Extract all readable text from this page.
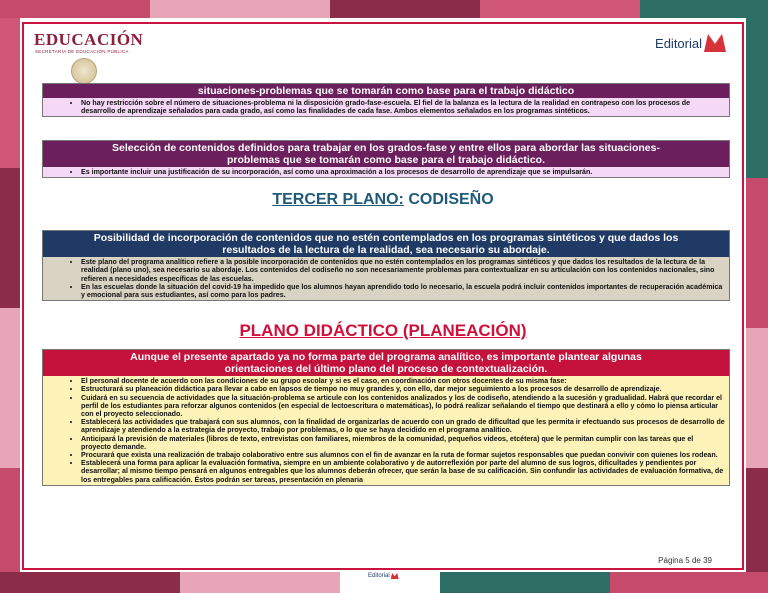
EDUCACIÓN
SECRETARÍA DE EDUCACIÓN PÚBLICA
Editorial
situaciones-problemas que se tomarán como base para el trabajo didáctico
• No hay restricción sobre el número de situaciones-problema ni la disposición grado-fase-escuela. El fiel de la balanza es la lectura de la realidad en contrapeso con los procesos de desarrollo de aprendizaje señalados para cada grado, así como las finalidades de cada fase. Ambos elementos señalados en los programas sintéticos.
Selección de contenidos definidos para trabajar en los grados-fase y entre ellos para abordar las situaciones-problemas que se tomarán como base para el trabajo didáctico.
• Es importante incluir una justificación de su incorporación, así como una aproximación a los procesos de desarrollo de aprendizaje que se impulsarán.
TERCER PLANO: CODISEÑO
Posibilidad de incorporación de contenidos que no estén contemplados en los programas sintéticos y que dados los resultados de la lectura de la realidad, sea necesario su abordaje.
• Este plano del programa analítico refiere a la posible incorporación de contenidos que no estén contemplados en los programas sintéticos y que dados los resultados de la lectura de la realidad (plano uno), sea necesario su abordaje. Los contenidos del codiseño no son necesariamente problemas para contextualizar en su articulación con los contenidos nacionales, sino refieren a necesidades específicas de las escuelas.
• En las escuelas donde la situación del covid-19 ha impedido que los alumnos hayan aprendido todo lo necesario, la escuela podrá incluir contenidos importantes de recuperación académica y emocional para sus estudiantes, así como para los padres.
PLANO DIDÁCTICO (PLANEACIÓN)
Aunque el presente apartado ya no forma parte del programa analítico, es importante plantear algunas orientaciones del último plano del proceso de contextualización.
• El personal docente de acuerdo con las condiciones de su grupo escolar y si es el caso, en coordinación con otros docentes de su misma fase:
• Estructurará su planeación didáctica para llevar a cabo en lapsos de tiempo no muy grandes y, con ello, dar mejor seguimiento a los procesos de desarrollo de aprendizaje.
• Cuidará en su secuencia de actividades que la situación-problema se articule con los contenidos analizados y los de codiseño, atendiendo a la sucesión y gradualidad. Habrá que recordar el perfil de los estudiantes para reforzar algunos contenidos (en especial de lectoescritura o matemáticas), lo podrá realizar señalando el tiempo que destinará a ello y cómo lo piensa articular con el proyecto seleccionado.
• Establecerá las actividades que trabajará con sus alumnos, con la finalidad de organizarlas de acuerdo con un grado de dificultad que les permita ir efectuando sus procesos de desarrollo de aprendizaje y atendiendo a la estrategia de proyecto, trabajo por problemas, o lo que se haya decidido en el programa analítico.
• Anticipará la previsión de materiales (libros de texto, entrevistas con familiares, miembros de la comunidad, pequeños videos, etcétera) que le permitan cumplir con las tareas que el proyecto demande.
• Procurará que exista una realización de trabajo colaborativo entre sus alumnos con el fin de avanzar en la ruta de formar sujetos responsables que puedan convivir con quienes los rodean.
• Establecerá una forma para aplicar la evaluación formativa, siempre en un ambiente colaborativo y de autorreflexión por parte del alumno de sus logros, dificultades y pendientes por desarrollar; al mismo tiempo pensará en algunos entregables que los alumnos deberán ofrecer, que serán la base de su calificación. Sin confundir las actividades de evaluación formativa, de los entregables para calificación. Éstos podrán ser tareas, presentación en plenaria
Página 5 de 39
Editorial
